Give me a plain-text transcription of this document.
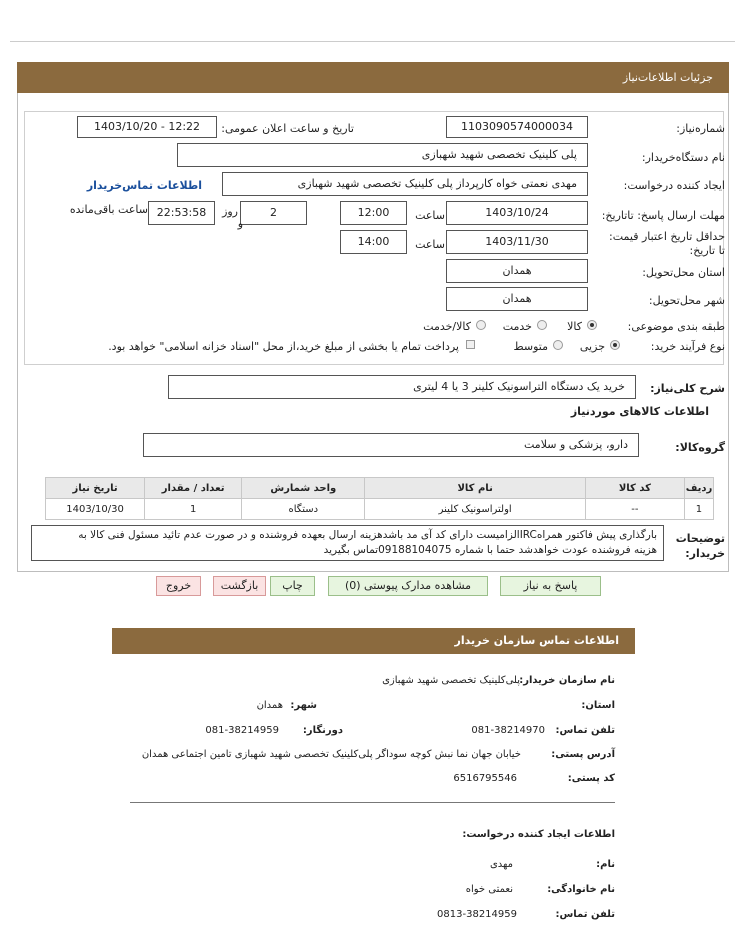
جزئیات اطلاعات‌نیاز
شماره‌نیاز:
1103090574000034
تاریخ و ساعت اعلان عمومی:
1403/10/20 - 12:22
نام دستگاه‌خریدار:
پلی کلینیک تخصصی شهید شهبازی
ایجاد کننده درخواست:
مهدی نعمتی خواه کارپرداز پلی کلینیک تخصصی شهید شهبازی
اطلاعات تماس‌خریدار
مهلت ارسال پاسخ: تاتاریخ:
1403/10/24
ساعت
12:00
2
روز
و
22:53:58
ساعت باقی‌مانده
حداقل تاریخ اعتبار قیمت: تا تاریخ:
1403/11/30
ساعت
14:00
استان محل‌تحویل:
همدان
شهر محل‌تحویل:
همدان
طبقه بندی موضوعی:
کالا
خدمت
کالا/خدمت
نوع فرآیند خرید:
جزیی
متوسط
پرداخت تمام یا بخشی از مبلغ خرید،از محل "اسناد خزانه اسلامی" خواهد بود.
شرح کلی‌نیاز:
خرید یک دستگاه التراسونیک کلینر 3 یا 4 لیتری
اطلاعات کالاهای موردنیاز
گروه‌کالا:
دارو، پزشکی و سلامت
ردیف	کد کالا	نام کالا	واحد شمارش	تعداد / مقدار	تاریخ نیاز
1	--	اولتراسونیک کلینر	دستگاه	1	1403/10/30
توضیحات خریدار:
بارگذاری پیش فاکتور همراهIRCالزامیست دارای کد آی مد باشدهزینه ارسال بعهده فروشنده و در صورت عدم تائید مسئول فنی کالا به
هزینه فروشنده عودت خواهدشد حتما با شماره 09188104075تماس بگیرید
پاسخ به نیاز
مشاهده مدارک پیوستی (0)
چاپ
بازگشت
خروج
اطلاعات تماس سازمان خریدار
نام سازمان خریدار:
پلی‌کلینیک تخصصی شهید شهبازی
استان:
شهر:
همدان
تلفن تماس:
081-38214970
دورنگار:
081-38214959
آدرس پستی:
خیابان جهان نما نبش کوچه سوداگر پلی‌کلینیک تخصصی شهید شهبازی تامین اجتماعی همدان
کد پستی:
6516795546
اطلاعات ایجاد کننده درخواست:
نام:
مهدی
نام خانوادگی:
نعمتی خواه
تلفن تماس:
0813-38214959
